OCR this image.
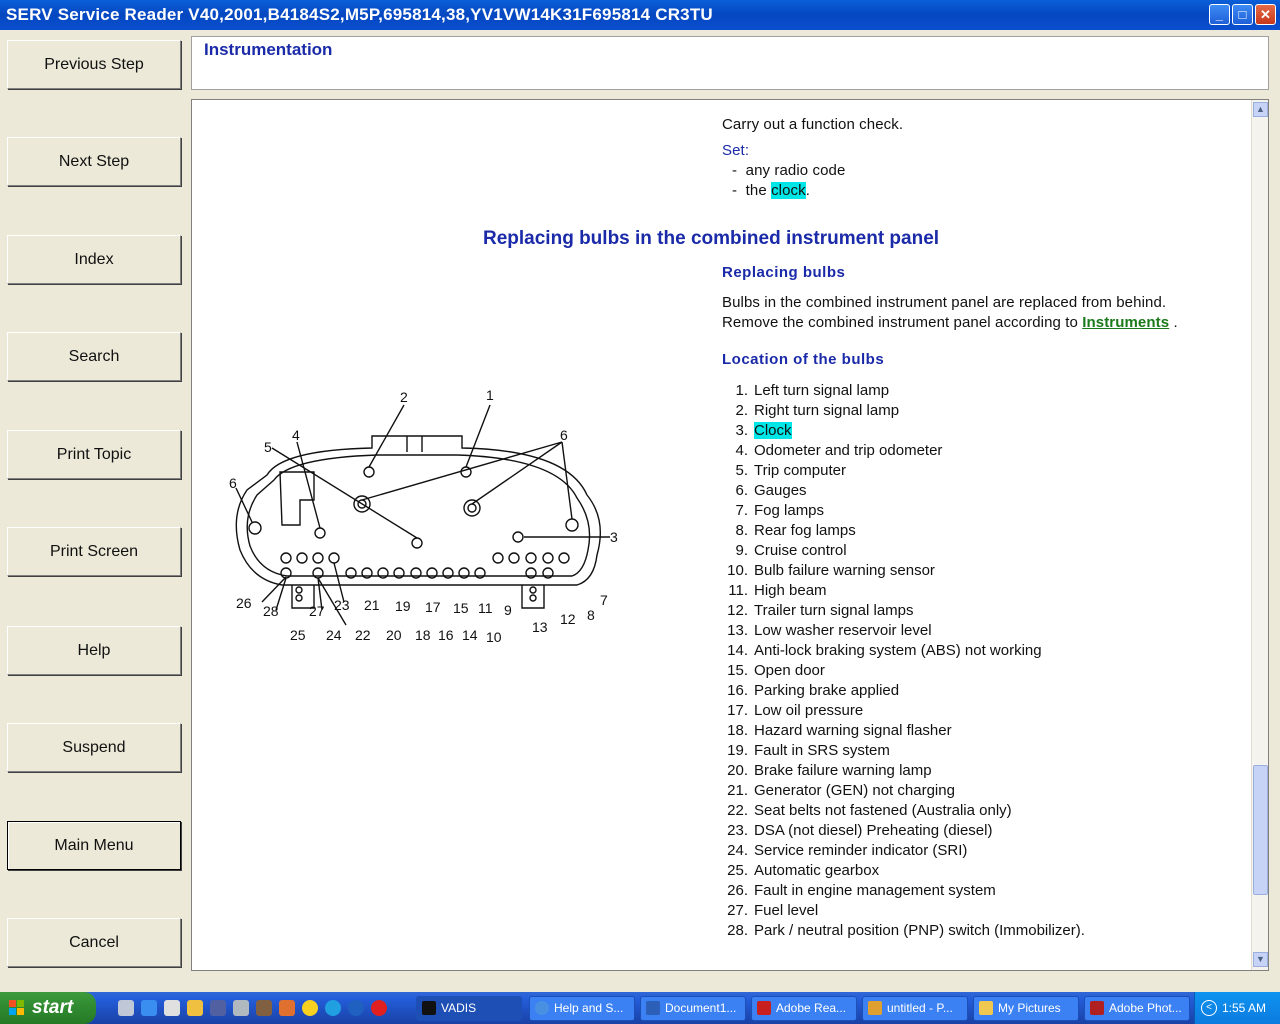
SERV Service Reader V40,2001,B4184S2,M5P,695814,38,YV1VW14K31F695814 CR3TU	_	□	✕
Previous Step
Next Step
Index
Search
Print Topic
Print Screen
Help
Suspend
Main Menu
Cancel
Instrumentation
Carry out a function check.
Set:
-  any radio code
-  the clock.
Replacing bulbs in the combined instrument panel
Replacing bulbs
Bulbs in the combined instrument panel are replaced from behind.
Remove the combined instrument panel according to Instruments .
Location of the bulbs
1. Left turn signal lamp
2. Right turn signal lamp
3. Clock
4. Odometer and trip odometer
5. Trip computer
6. Gauges
7. Fog lamps
8. Rear fog lamps
9. Cruise control
10. Bulb failure warning sensor
11. High beam
12. Trailer turn signal lamps
13. Low washer reservoir level
14. Anti-lock braking system (ABS) not working
15. Open door
16. Parking brake applied
17. Low oil pressure
18. Hazard warning signal flasher
19. Fault in SRS system
20. Brake failure warning lamp
21. Generator (GEN) not charging
22. Seat belts not fastened (Australia only)
23. DSA (not diesel) Preheating (diesel)
24. Service reminder indicator (SRI)
25. Automatic gearbox
26. Fault in engine management system
27. Fuel level
28. Park / neutral position (PNP) switch (Immobilizer).
2	1
4
5
6
6
3
26 28
25
27
24
23
22
21
20
19
18
17
16
15
14
11
10
9
13 12 8
7
▲
▼
start	VADIS	Help and S...	Document1...	Adobe Rea...	untitled - P...	My Pictures	Adobe Phot...	< 1:55 AM
